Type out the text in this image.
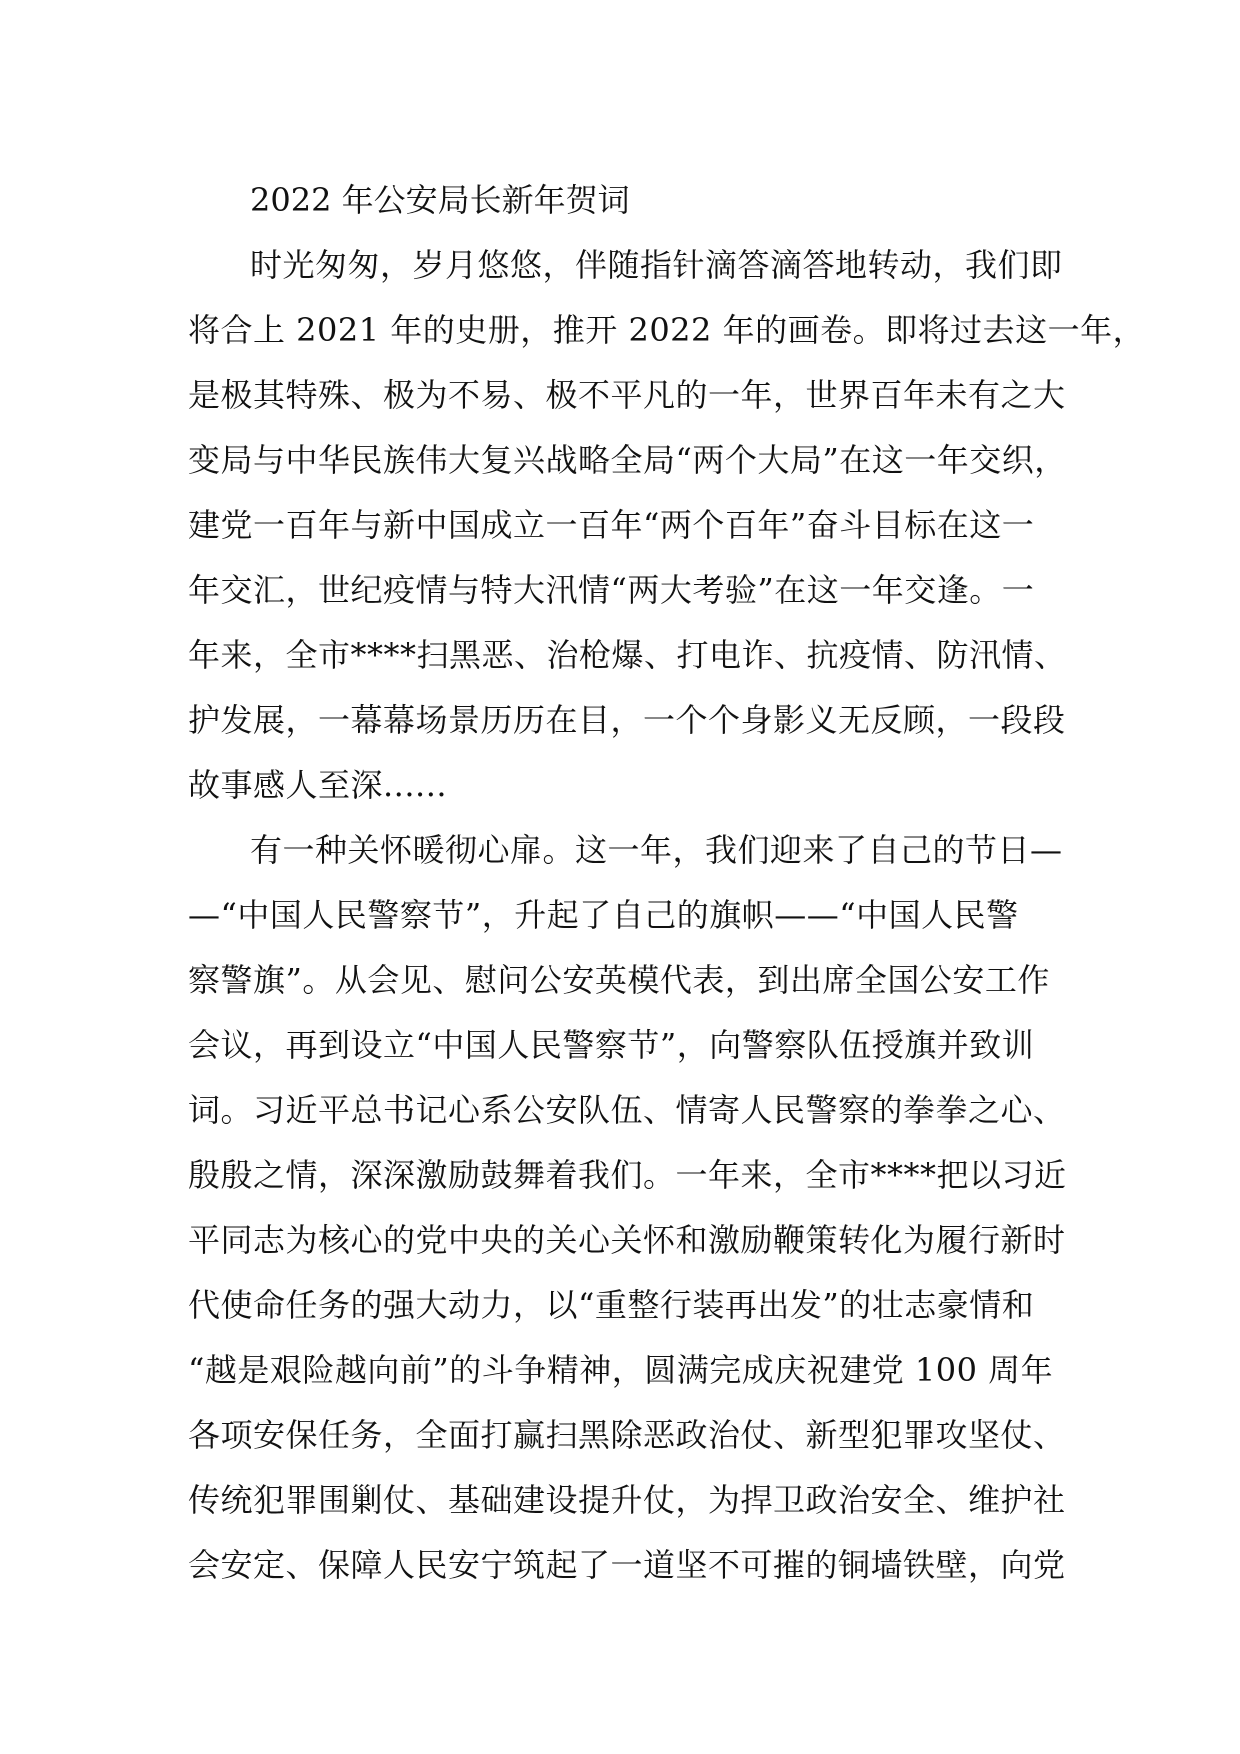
2022 年公安局长新年贺词
时光匆匆，岁月悠悠，伴随指针滴答滴答地转动，我们即
将合上 2021 年的史册，推开 2022 年的画卷。即将过去这一年，
是极其特殊、极为不易、极不平凡的一年，世界百年未有之大
变局与中华民族伟大复兴战略全局“两个大局”在这一年交织，
建党一百年与新中国成立一百年“两个百年”奋斗目标在这一
年交汇，世纪疫情与特大汛情“两大考验”在这一年交逢。一
年来，全市****扫黑恶、治枪爆、打电诈、抗疫情、防汛情、
护发展，一幕幕场景历历在目，一个个身影义无反顾，一段段
故事感人至深......
有一种关怀暖彻心扉。这一年，我们迎来了自己的节日—
—“中国人民警察节”，升起了自己的旗帜——“中国人民警
察警旗”。从会见、慰问公安英模代表，到出席全国公安工作
会议，再到设立“中国人民警察节”，向警察队伍授旗并致训
词。习近平总书记心系公安队伍、情寄人民警察的拳拳之心、
殷殷之情，深深激励鼓舞着我们。一年来，全市****把以习近
平同志为核心的党中央的关心关怀和激励鞭策转化为履行新时
代使命任务的强大动力，以“重整行装再出发”的壮志豪情和
“越是艰险越向前”的斗争精神，圆满完成庆祝建党 100 周年
各项安保任务，全面打赢扫黑除恶政治仗、新型犯罪攻坚仗、
传统犯罪围剿仗、基础建设提升仗，为捍卫政治安全、维护社
会安定、保障人民安宁筑起了一道坚不可摧的铜墙铁壁，向党
